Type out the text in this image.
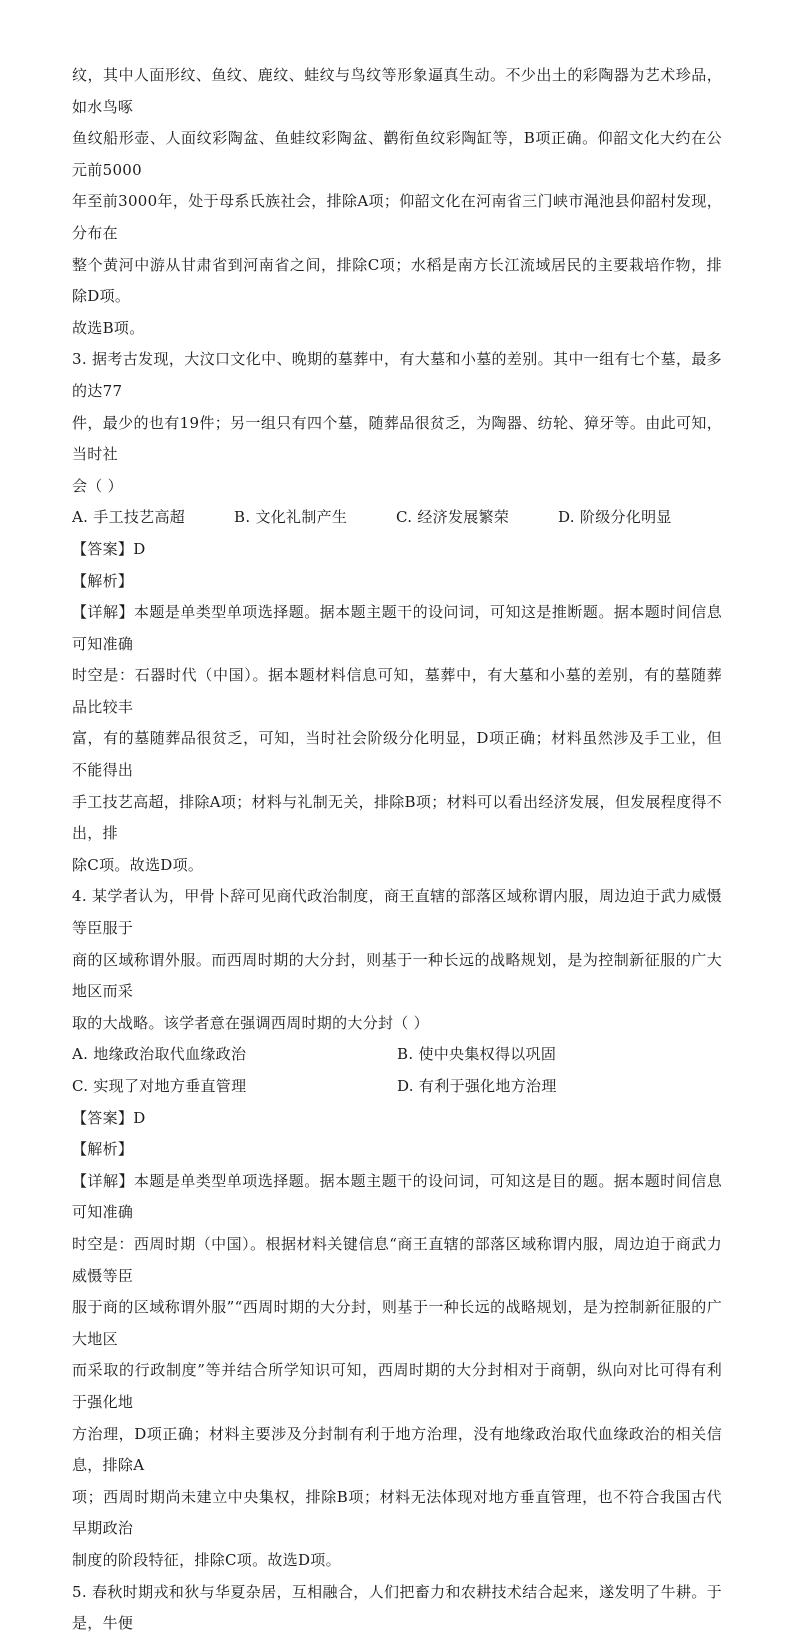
纹，其中人面形纹、鱼纹、鹿纹、蛙纹与鸟纹等形象逼真生动。不少出土的彩陶器为艺术珍品，如水鸟啄

鱼纹船形壶、人面纹彩陶盆、鱼蛙纹彩陶盆、鹳衔鱼纹彩陶缸等，B项正确。仰韶文化大约在公元前5000

年至前3000年，处于母系氏族社会，排除A项；仰韶文化在河南省三门峡市渑池县仰韶村发现，分布在

整个黄河中游从甘肃省到河南省之间，排除C项；水稻是南方长江流域居民的主要栽培作物，排除D项。

故选B项。

3. 据考古发现，大汶口文化中、晚期的墓葬中，有大墓和小墓的差别。其中一组有七个墓，最多的达77

件，最少的也有19件；另一组只有四个墓，随葬品很贫乏，为陶器、纺轮、獐牙等。由此可知，当时社

会（ ）

A. 手工技艺高超	B. 文化礼制产生	C. 经济发展繁荣	D. 阶级分化明显

【答案】D

【解析】

【详解】本题是单类型单项选择题。据本题主题干的设问词，可知这是推断题。据本题时间信息可知准确

时空是：石器时代（中国）。据本题材料信息可知，墓葬中，有大墓和小墓的差别，有的墓随葬品比较丰

富，有的墓随葬品很贫乏，可知，当时社会阶级分化明显，D项正确；材料虽然涉及手工业，但不能得出

手工技艺高超，排除A项；材料与礼制无关，排除B项；材料可以看出经济发展，但发展程度得不出，排

除C项。故选D项。

4. 某学者认为，甲骨卜辞可见商代政治制度，商王直辖的部落区域称谓内服，周边迫于武力威慑等臣服于

商的区域称谓外服。而西周时期的大分封，则基于一种长远的战略规划，是为控制新征服的广大地区而采

取的大战略。该学者意在强调西周时期的大分封（ ）

A. 地缘政治取代血缘政治	B. 使中央集权得以巩固
C. 实现了对地方垂直管理	D. 有利于强化地方治理

【答案】D

【解析】

【详解】本题是单类型单项选择题。据本题主题干的设问词，可知这是目的题。据本题时间信息可知准确

时空是：西周时期（中国）。根据材料关键信息“商王直辖的部落区域称谓内服，周边迫于商武力威慑等臣

服于商的区域称谓外服”“西周时期的大分封，则基于一种长远的战略规划，是为控制新征服的广大地区

而采取的行政制度”等并结合所学知识可知，西周时期的大分封相对于商朝，纵向对比可得有利于强化地

方治理，D项正确；材料主要涉及分封制有利于地方治理，没有地缘政治取代血缘政治的相关信息，排除A

项；西周时期尚未建立中央集权，排除B项；材料无法体现对地方垂直管理，也不符合我国古代早期政治

制度的阶段特征，排除C项。故选D项。

5. 春秋时期戎和狄与华夏杂居，互相融合，人们把畜力和农耕技术结合起来，遂发明了牛耕。于是，牛便
